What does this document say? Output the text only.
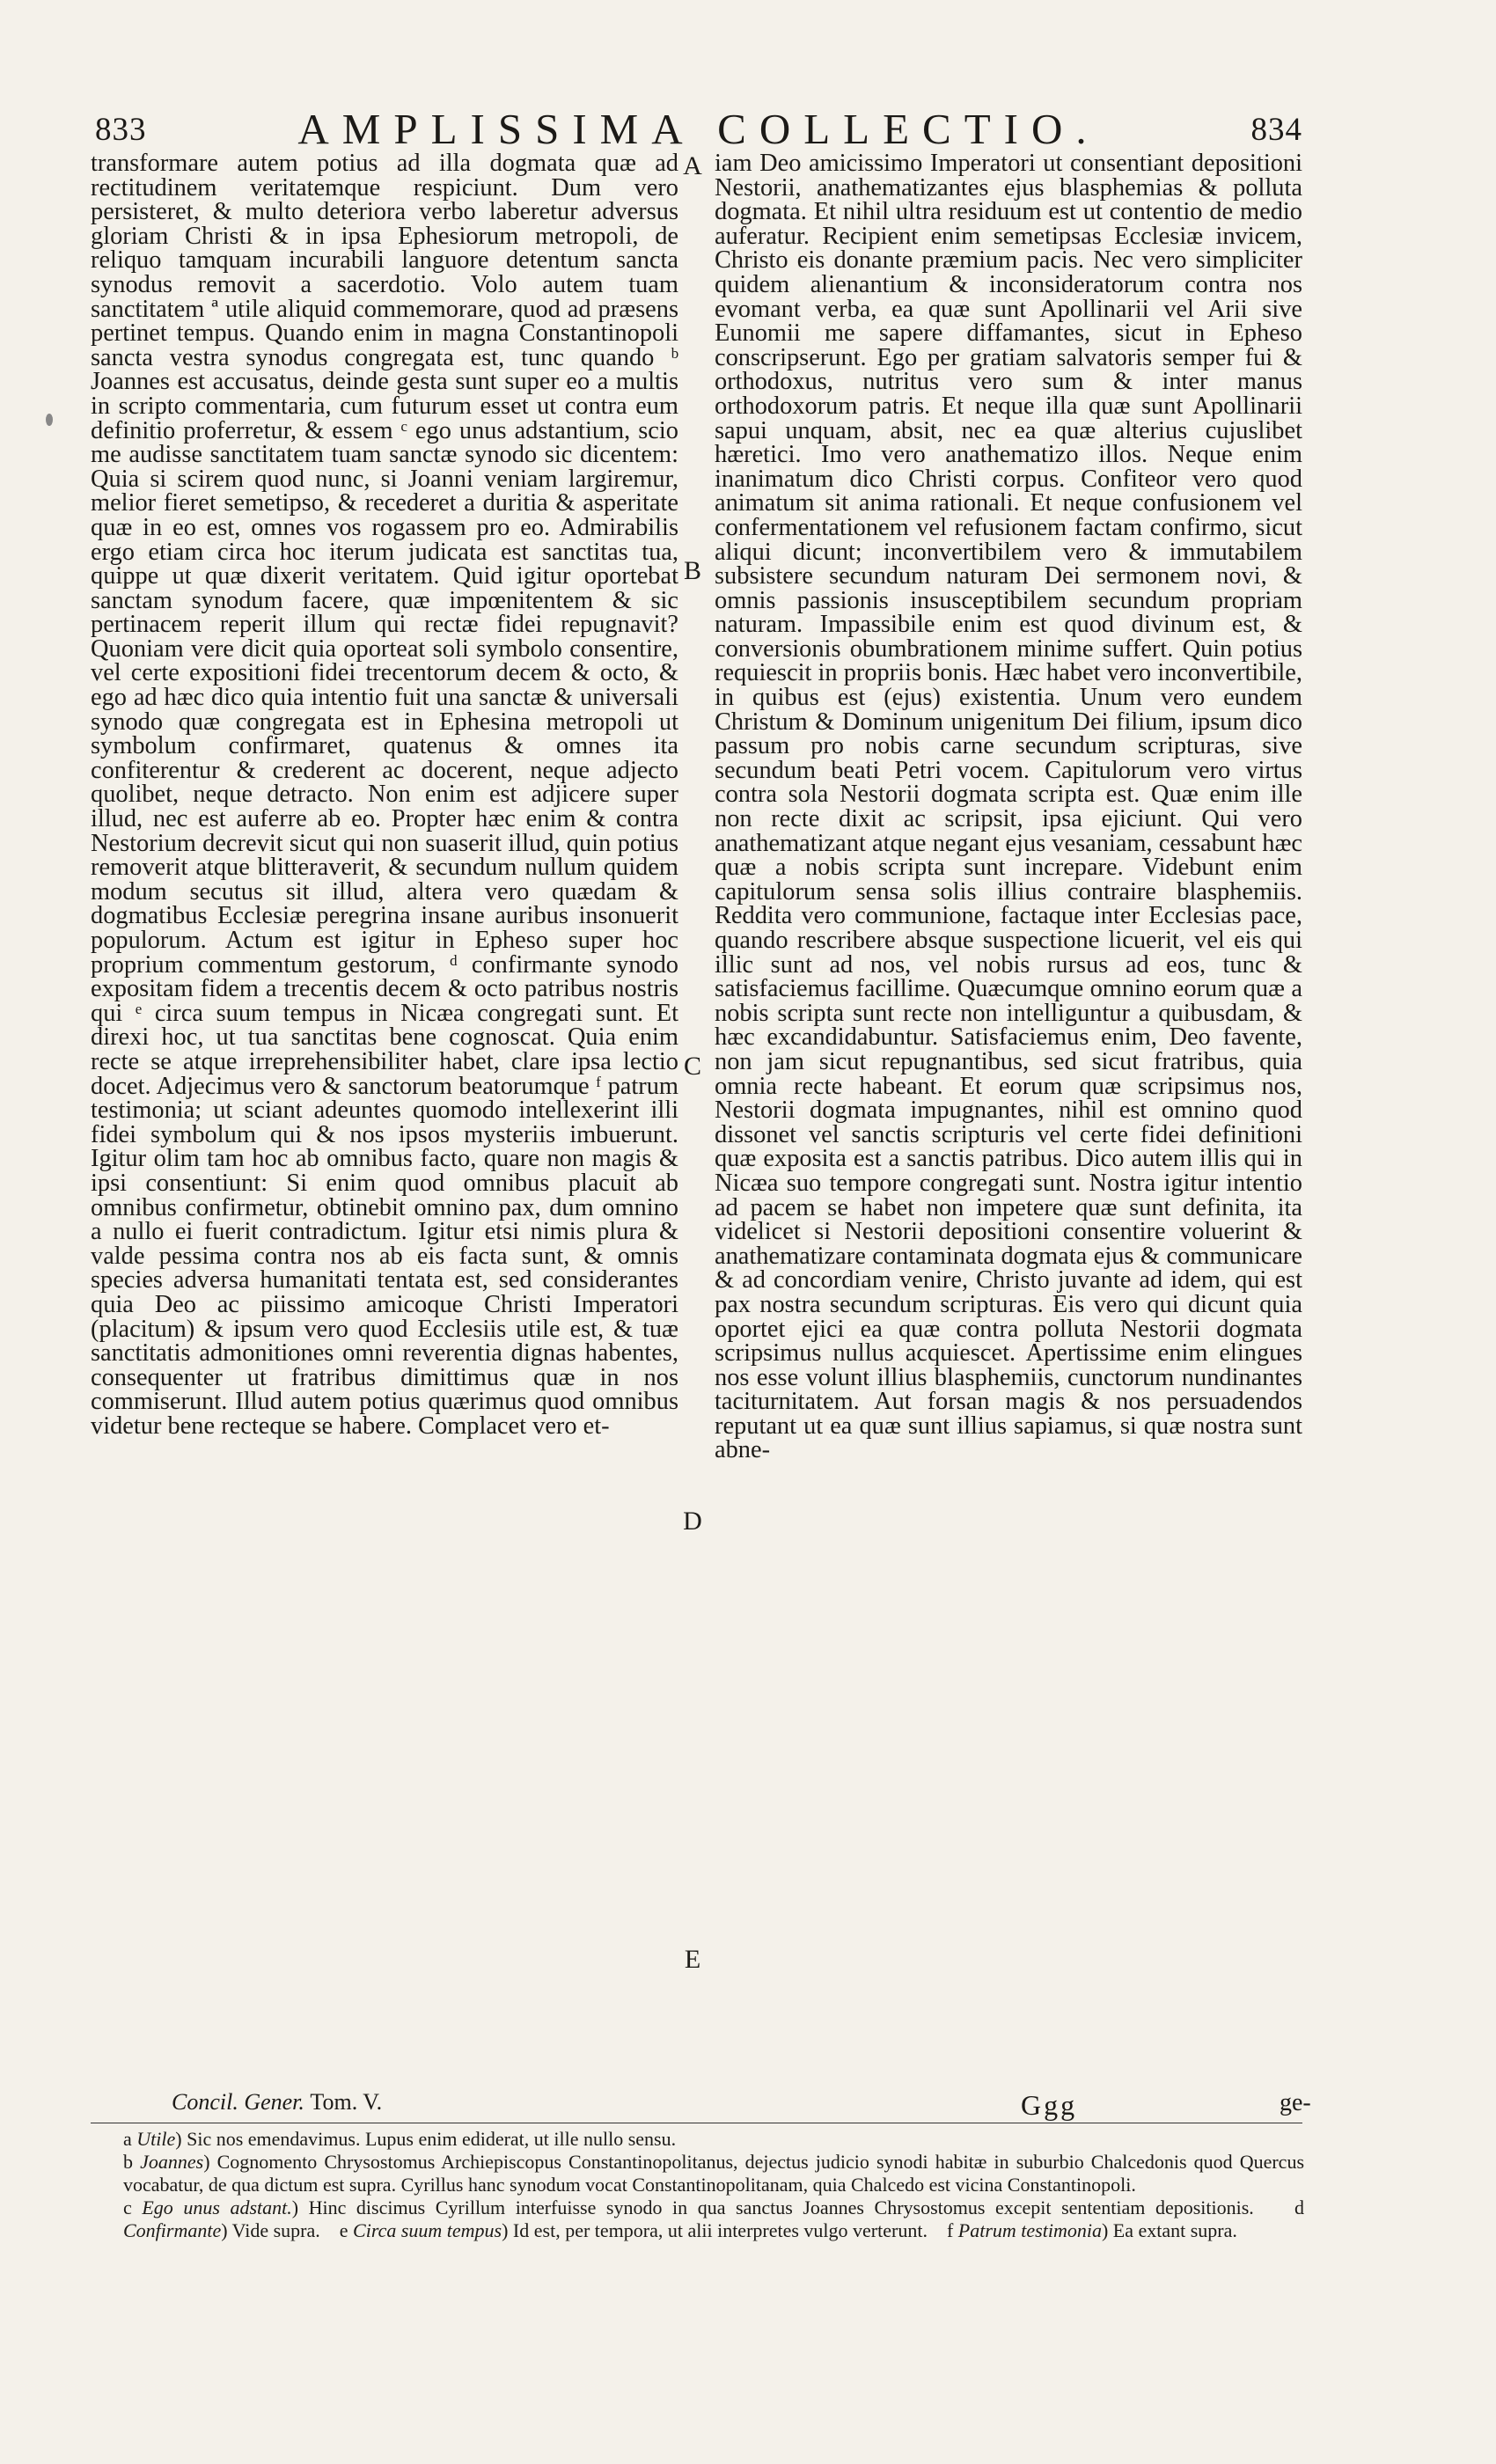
833	AMPLISSIMA COLLECTIO.	834

transformare autem potius ad illa dogmata quæ ad rectitudinem veritatemque respiciunt. Dum vero persisteret, & multo deteriora verbo laberetur adversus gloriam Christi & in ipsa Ephesiorum metropoli, de reliquo tamquam incurabili languore detentum sancta synodus removit a sacerdotio. Volo autem tuam sanctitatem ª utile aliquid commemorare, quod ad præsens pertinet tempus. Quando enim in magna Constantinopoli sancta vestra synodus congregata est, tunc quando ᵇ Joannes est accusatus, deinde gesta sunt super eo a multis in scripto commentaria, cum futurum esset ut contra eum definitio proferretur, & essem ᶜ ego unus adstantium, scio me audisse sanctitatem tuam sanctæ synodo sic dicentem: Quia si scirem quod nunc, si Joanni veniam largiremur, melior fieret semetipso, & recederet a duritia & asperitate quæ in eo est, omnes vos rogassem pro eo. Admirabilis ergo etiam circa hoc iterum judicata est sanctitas tua, quippe ut quæ dixerit veritatem. Quid igitur oportebat sanctam synodum facere, quæ impœnitentem & sic pertinacem reperit illum qui rectæ fidei repugnavit? Quoniam vere dicit quia oporteat soli symbolo consentire, vel certe expositioni fidei trecentorum decem & octo, & ego ad hæc dico quia intentio fuit una sanctæ & universali synodo quæ congregata est in Ephesina metropoli ut symbolum confirmaret, quatenus & omnes ita confiterentur & crederent ac docerent, neque adjecto quolibet, neque detracto. Non enim est adjicere super illud, nec est auferre ab eo. Propter hæc enim & contra Nestorium decrevit sicut qui non suaserit illud, quin potius removerit atque blitteraverit, & secundum nullum quidem modum secutus sit illud, altera vero quædam & dogmatibus Ecclesiæ peregrina insane auribus insonuerit populorum. Actum est igitur in Epheso super hoc proprium commentum gestorum, ᵈ confirmante synodo expositam fidem a trecentis decem & octo patribus nostris qui ᵉ circa suum tempus in Nicæa congregati sunt. Et direxi hoc, ut tua sanctitas bene cognoscat. Quia enim recte se atque irreprehensibiliter habet, clare ipsa lectio docet. Adjecimus vero & sanctorum beatorumque ᶠ patrum testimonia; ut sciant adeuntes quomodo intellexerint illi fidei symbolum qui & nos ipsos mysteriis imbuerunt. Igitur olim tam hoc ab omnibus facto, quare non magis & ipsi consentiunt: Si enim quod omnibus placuit ab omnibus confirmetur, obtinebit omnino pax, dum omnino a nullo ei fuerit contradictum. Igitur etsi nimis plura & valde pessima contra nos ab eis facta sunt, & omnis species adversa humanitati tentata est, sed considerantes quia Deo ac piissimo amicoque Christi Imperatori (placitum) & ipsum vero quod Ecclesiis utile est, & tuæ sanctitatis admonitiones omni reverentia dignas habentes, consequenter ut fratribus dimittimus quæ in nos commiserunt. Illud autem potius quærimus quod omnibus videtur bene recteque se habere. Complacet vero et-

iam Deo amicissimo Imperatori ut consentiant depositioni Nestorii, anathematizantes ejus blasphemias & polluta dogmata. Et nihil ultra residuum est ut contentio de medio auferatur. Recipient enim semetipsas Ecclesiæ invicem, Christo eis donante præmium pacis. Nec vero simpliciter quidem alienantium & inconsideratorum contra nos evomant verba, ea quæ sunt Apollinarii vel Arii sive Eunomii me sapere diffamantes, sicut in Epheso conscripserunt. Ego per gratiam salvatoris semper fui & orthodoxus, nutritus vero sum & inter manus orthodoxorum patris. Et neque illa quæ sunt Apollinarii sapui unquam, absit, nec ea quæ alterius cujuslibet hæretici. Imo vero anathematizo illos. Neque enim inanimatum dico Christi corpus. Confiteor vero quod animatum sit anima rationali. Et neque confusionem vel confermentationem vel refusionem factam confirmo, sicut aliqui dicunt; inconvertibilem vero & immutabilem subsistere secundum naturam Dei sermonem novi, & omnis passionis insusceptibilem secundum propriam naturam. Impassibile enim est quod divinum est, & conversionis obumbrationem minime suffert. Quin potius requiescit in propriis bonis. Hæc habet vero inconvertibile, in quibus est (ejus) existentia. Unum vero eundem Christum & Dominum unigenitum Dei filium, ipsum dico passum pro nobis carne secundum scripturas, sive secundum beati Petri vocem. Capitulorum vero virtus contra sola Nestorii dogmata scripta est. Quæ enim ille non recte dixit ac scripsit, ipsa ejiciunt. Qui vero anathematizant atque negant ejus vesaniam, cessabunt hæc quæ a nobis scripta sunt increpare. Videbunt enim capitulorum sensa solis illius contraire blasphemiis. Reddita vero communione, factaque inter Ecclesias pace, quando rescribere absque suspectione licuerit, vel eis qui illic sunt ad nos, vel nobis rursus ad eos, tunc & satisfaciemus facillime. Quæcumque omnino eorum quæ a nobis scripta sunt recte non intelliguntur a quibusdam, & hæc excandidabuntur. Satisfaciemus enim, Deo favente, non jam sicut repugnantibus, sed sicut fratribus, quia omnia recte habeant. Et eorum quæ scripsimus nos, Nestorii dogmata impugnantes, nihil est omnino quod dissonet vel sanctis scripturis vel certe fidei definitioni quæ exposita est a sanctis patribus. Dico autem illis qui in Nicæa suo tempore congregati sunt. Nostra igitur intentio ad pacem se habet non impetere quæ sunt definita, ita videlicet si Nestorii depositioni consentire voluerint & anathematizare contaminata dogmata ejus & communicare & ad concordiam venire, Christo juvante ad idem, qui est pax nostra secundum scripturas. Eis vero qui dicunt quia oportet ejici ea quæ contra polluta Nestorii dogmata scripsimus nullus acquiescet. Apertissime enim elingues nos esse volunt illius blasphemiis, cunctorum nundinantes taciturnitatem. Aut forsan magis & nos persuadendos reputant ut ea quæ sunt illius sapiamus, si quæ nostra sunt abne-

A
B
C
D
E
Concil. Gener. Tom. V.	Ggg	ge-

a Utile) Sic nos emendavimus. Lupus enim ediderat, ut ille nullo sensu.

b Joannes) Cognomento Chrysostomus Archiepiscopus Constantinopolitanus, dejectus judicio synodi habitæ in suburbio Chalcedonis quod Quercus vocabatur, de qua dictum est supra. Cyrillus hanc synodum vocat Constantinopolitanam, quia Chalcedo est vicina Constantinopoli.

c Ego unus adstant.) Hinc discimus Cyrillum interfuisse synodo in qua sanctus Joannes Chrysostomus excepit sententiam depositionis. d Confirmante) Vide supra. e Circa suum tempus) Id est, per tempora, ut alii interpretes vulgo verterunt. f Patrum testimonia) Ea extant supra.
